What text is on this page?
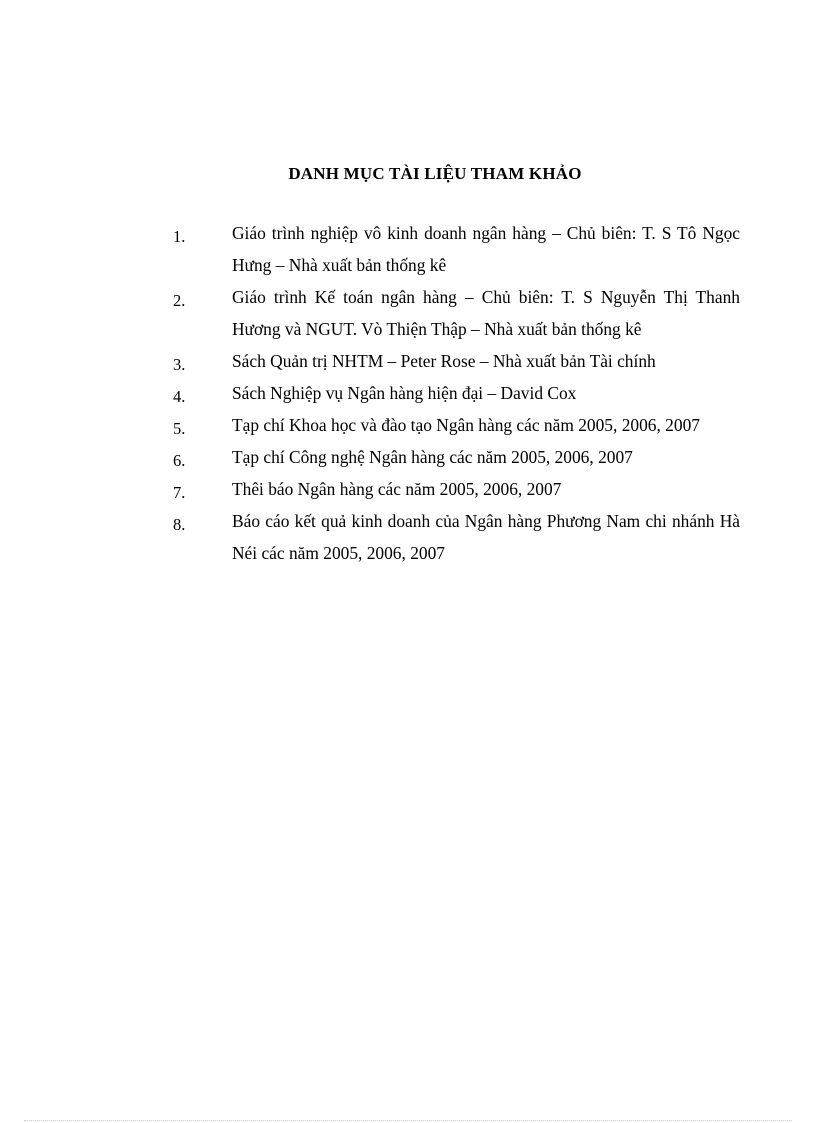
DANH MỤC TÀI LIỆU THAM KHẢO
1.	Giáo trình nghiệp vô kinh doanh ngân hàng – Chủ biên: T. S Tô Ngọc Hưng – Nhà xuất bản thống kê
2.	Giáo trình Kế toán ngân hàng – Chủ biên: T. S Nguyễn Thị Thanh Hương và NGUT. Vò Thiện Thập – Nhà xuất bản thống kê
3.	Sách Quản trị NHTM – Peter Rose – Nhà xuất bản Tài chính
4.	Sách Nghiệp vụ Ngân hàng hiện đại – David Cox
5.	Tạp chí Khoa học và đào tạo Ngân hàng các năm 2005, 2006, 2007
6.	Tạp chí Công nghệ Ngân hàng các năm 2005, 2006, 2007
7.	Thêi báo Ngân hàng các năm 2005, 2006, 2007
8.	Báo cáo kết quả kinh doanh của Ngân hàng Phương Nam chi nhánh Hà Néi các năm 2005, 2006, 2007
